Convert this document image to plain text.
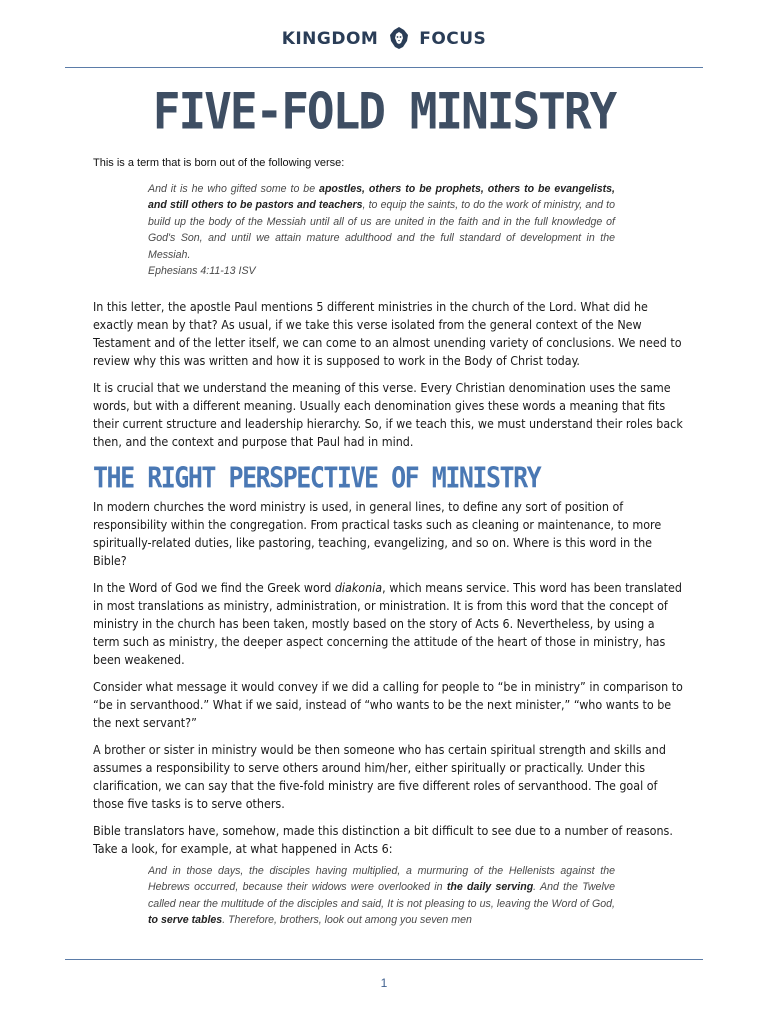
KINGDOM FOCUS
FIVE-FOLD MINISTRY
This is a term that is born out of the following verse:
And it is he who gifted some to be apostles, others to be prophets, others to be evangelists, and still others to be pastors and teachers, to equip the saints, to do the work of ministry, and to build up the body of the Messiah until all of us are united in the faith and in the full knowledge of God's Son, and until we attain mature adulthood and the full standard of development in the Messiah.
Ephesians 4:11-13 ISV

In this letter, the apostle Paul mentions 5 different ministries in the church of the Lord. What did he exactly mean by that? As usual, if we take this verse isolated from the general context of the New Testament and of the letter itself, we can come to an almost unending variety of conclusions. We need to review why this was written and how it is supposed to work in the Body of Christ today.

It is crucial that we understand the meaning of this verse. Every Christian denomination uses the same words, but with a different meaning. Usually each denomination gives these words a meaning that fits their current structure and leadership hierarchy. So, if we teach this, we must understand their roles back then, and the context and purpose that Paul had in mind.

THE RIGHT PERSPECTIVE OF MINISTRY

In modern churches the word ministry is used, in general lines, to define any sort of position of responsibility within the congregation. From practical tasks such as cleaning or maintenance, to more spiritually-related duties, like pastoring, teaching, evangelizing, and so on. Where is this word in the Bible?

In the Word of God we find the Greek word diakonia, which means service. This word has been translated in most translations as ministry, administration, or ministration. It is from this word that the concept of ministry in the church has been taken, mostly based on the story of Acts 6. Nevertheless, by using a term such as ministry, the deeper aspect concerning the attitude of the heart of those in ministry, has been weakened.

Consider what message it would convey if we did a calling for people to “be in ministry” in comparison to “be in servanthood.” What if we said, instead of “who wants to be the next minister,” “who wants to be the next servant?”

A brother or sister in ministry would be then someone who has certain spiritual strength and skills and assumes a responsibility to serve others around him/her, either spiritually or practically. Under this clarification, we can say that the five-fold ministry are five different roles of servanthood. The goal of those five tasks is to serve others.

Bible translators have, somehow, made this distinction a bit difficult to see due to a number of reasons. Take a look, for example, at what happened in Acts 6:

And in those days, the disciples having multiplied, a murmuring of the Hellenists against the Hebrews occurred, because their widows were overlooked in the daily serving. And the Twelve called near the multitude of the disciples and said, It is not pleasing to us, leaving the Word of God, to serve tables. Therefore, brothers, look out among you seven men
1
